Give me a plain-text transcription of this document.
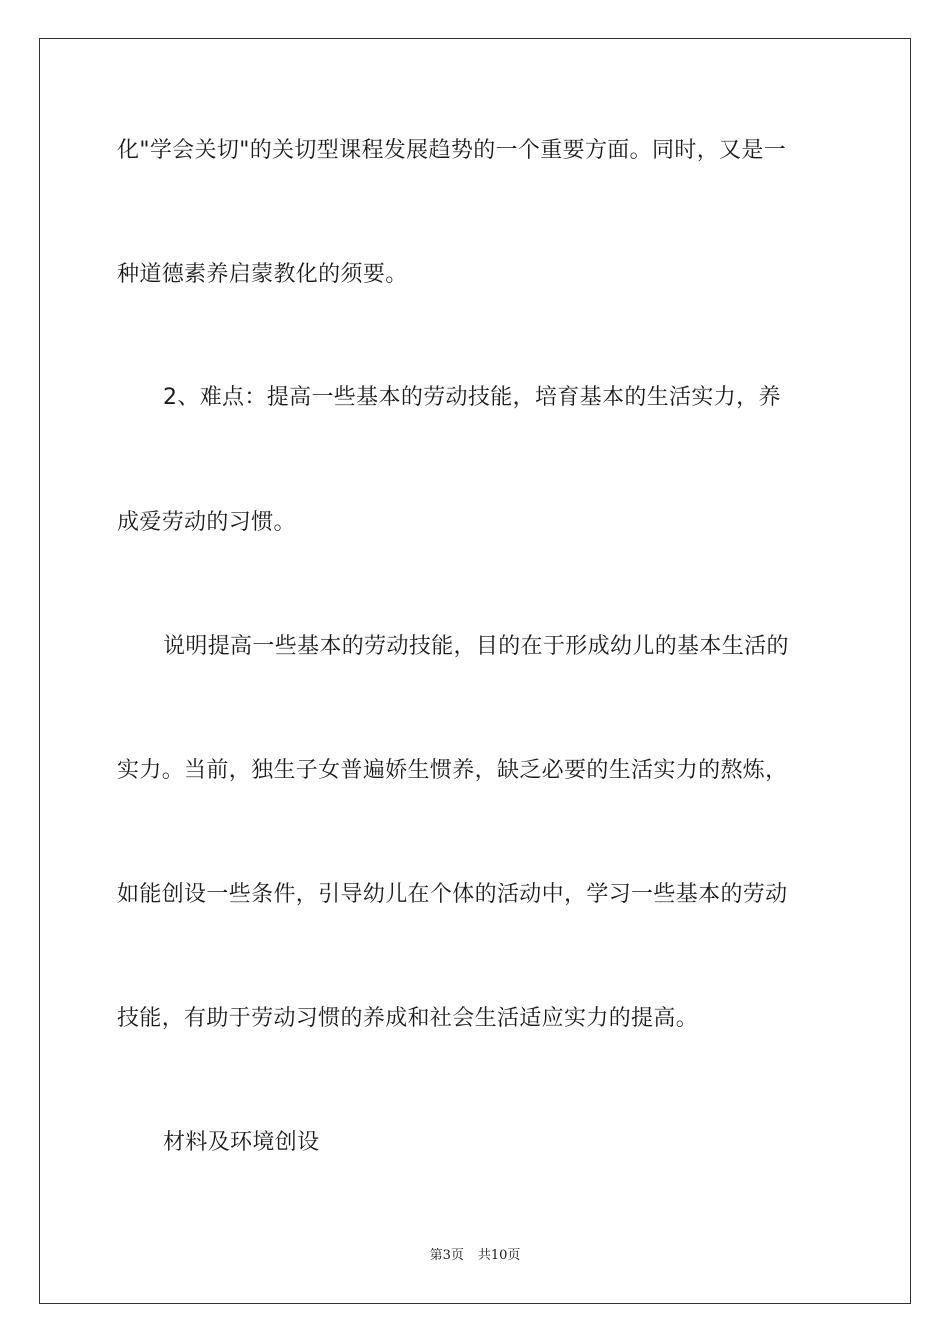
化"学会关切"的关切型课程发展趋势的一个重要方面。同时，又是一
种道德素养启蒙教化的须要。
2、难点：提高一些基本的劳动技能，培育基本的生活实力，养
成爱劳动的习惯。
说明提高一些基本的劳动技能，目的在于形成幼儿的基本生活的
实力。当前，独生子女普遍娇生惯养，缺乏必要的生活实力的熬炼，
如能创设一些条件，引导幼儿在个体的活动中，学习一些基本的劳动
技能，有助于劳动习惯的养成和社会生活适应实力的提高。
材料及环境创设
第3页 共10页
